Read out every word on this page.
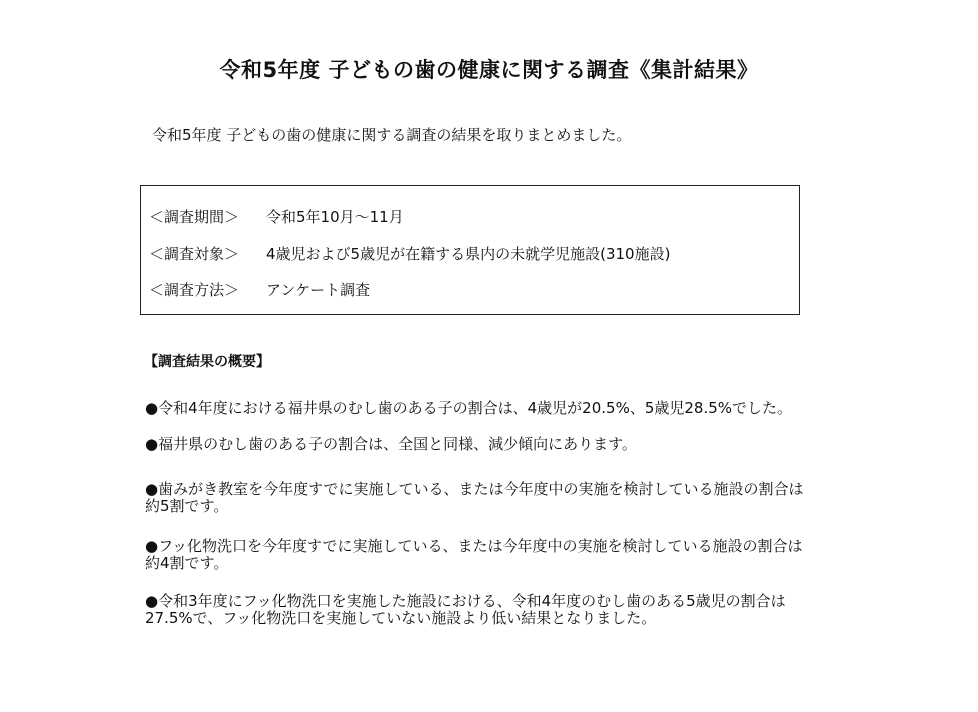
令和5年度 子どもの歯の健康に関する調査《集計結果》
令和5年度 子どもの歯の健康に関する調査の結果を取りまとめました。
＜調査期間＞ 令和5年10月～11月
＜調査対象＞ 4歳児および5歳児が在籍する県内の未就学児施設(310施設)
＜調査方法＞ アンケート調査
【調査結果の概要】
●令和4年度における福井県のむし歯のある子の割合は、4歳児が20.5%、5歳児28.5%でした。
●福井県のむし歯のある子の割合は、全国と同様、減少傾向にあります。
●歯みがき教室を今年度すでに実施している、または今年度中の実施を検討している施設の割合は約5割です。
●フッ化物洗口を今年度すでに実施している、または今年度中の実施を検討している施設の割合は約4割です。
●令和3年度にフッ化物洗口を実施した施設における、令和4年度のむし歯のある5歳児の割合は27.5%で、フッ化物洗口を実施していない施設より低い結果となりました。
